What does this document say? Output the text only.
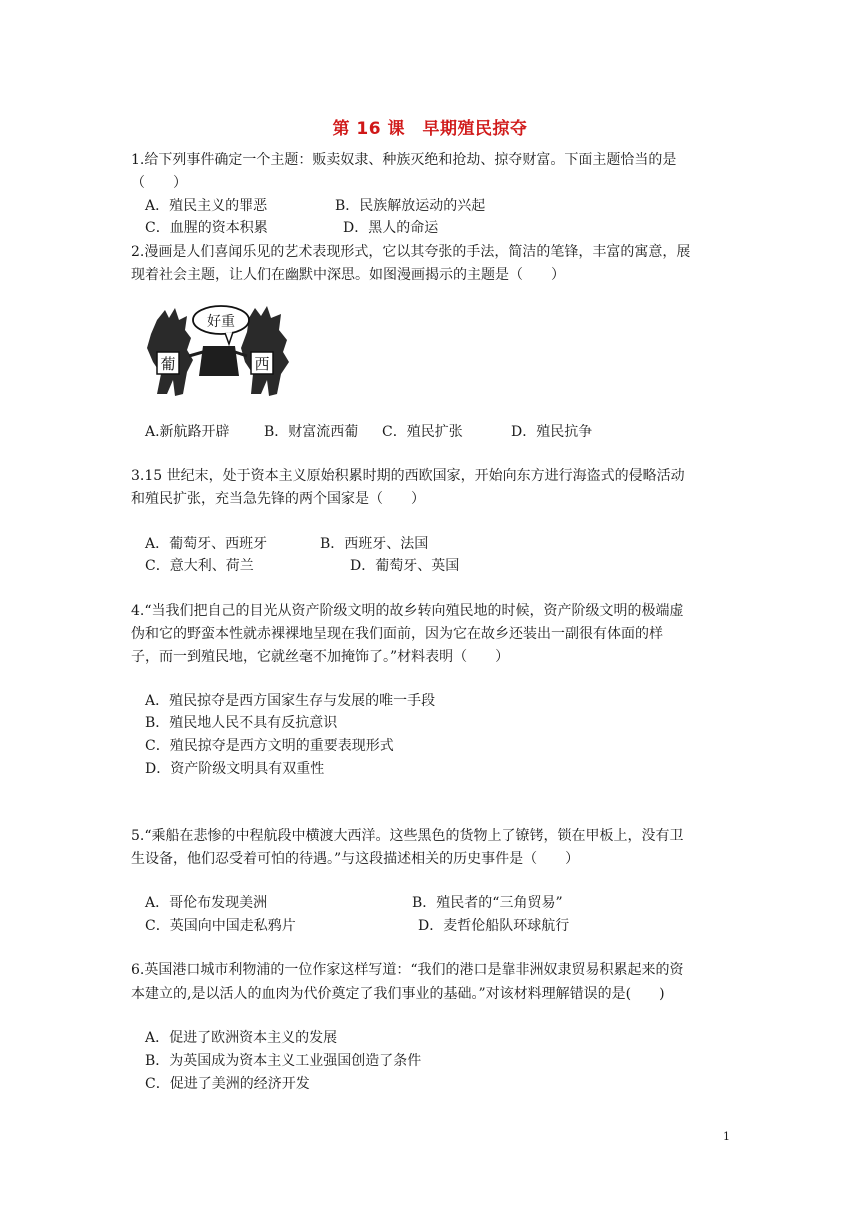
第 16 课　早期殖民掠夺
1.给下列事件确定一个主题：贩卖奴隶、种族灭绝和抢劫、掠夺财富。下面主题恰当的是
（　　）
A．殖民主义的罪恶	B．民族解放运动的兴起
C．血腥的资本积累	D．黑人的命运
2.漫画是人们喜闻乐见的艺术表现形式，它以其夸张的手法，简洁的笔锋，丰富的寓意，展
现着社会主题，让人们在幽默中深思。如图漫画揭示的主题是（　　）
葡	西
好重
A.新航路开辟 B．财富流西葡 C．殖民扩张	D．殖民抗争
3.15 世纪末，处于资本主义原始积累时期的西欧国家，开始向东方进行海盗式的侵略活动
和殖民扩张，充当急先锋的两个国家是（　　）
A．葡萄牙、西班牙	B．西班牙、法国
C．意大利、荷兰	D．葡萄牙、英国
4.“当我们把自己的目光从资产阶级文明的故乡转向殖民地的时候，资产阶级文明的极端虚
伪和它的野蛮本性就赤裸裸地呈现在我们面前，因为它在故乡还装出一副很有体面的样
子，而一到殖民地，它就丝毫不加掩饰了。”材料表明（　　）
A．殖民掠夺是西方国家生存与发展的唯一手段
B．殖民地人民不具有反抗意识
C．殖民掠夺是西方文明的重要表现形式
D．资产阶级文明具有双重性
5.“乘船在悲惨的中程航段中横渡大西洋。这些黑色的货物上了镣铐，锁在甲板上，没有卫
生设备，他们忍受着可怕的待遇。”与这段描述相关的历史事件是（　　）
A．哥伦布发现美洲	B．殖民者的“三角贸易”
C．英国向中国走私鸦片	D．麦哲伦船队环球航行
6.英国港口城市利物浦的一位作家这样写道：“我们的港口是靠非洲奴隶贸易积累起来的资
本建立的,是以活人的血肉为代价奠定了我们事业的基础。”对该材料理解错误的是(　　)
A．促进了欧洲资本主义的发展
B．为英国成为资本主义工业强国创造了条件
C．促进了美洲的经济开发
1
